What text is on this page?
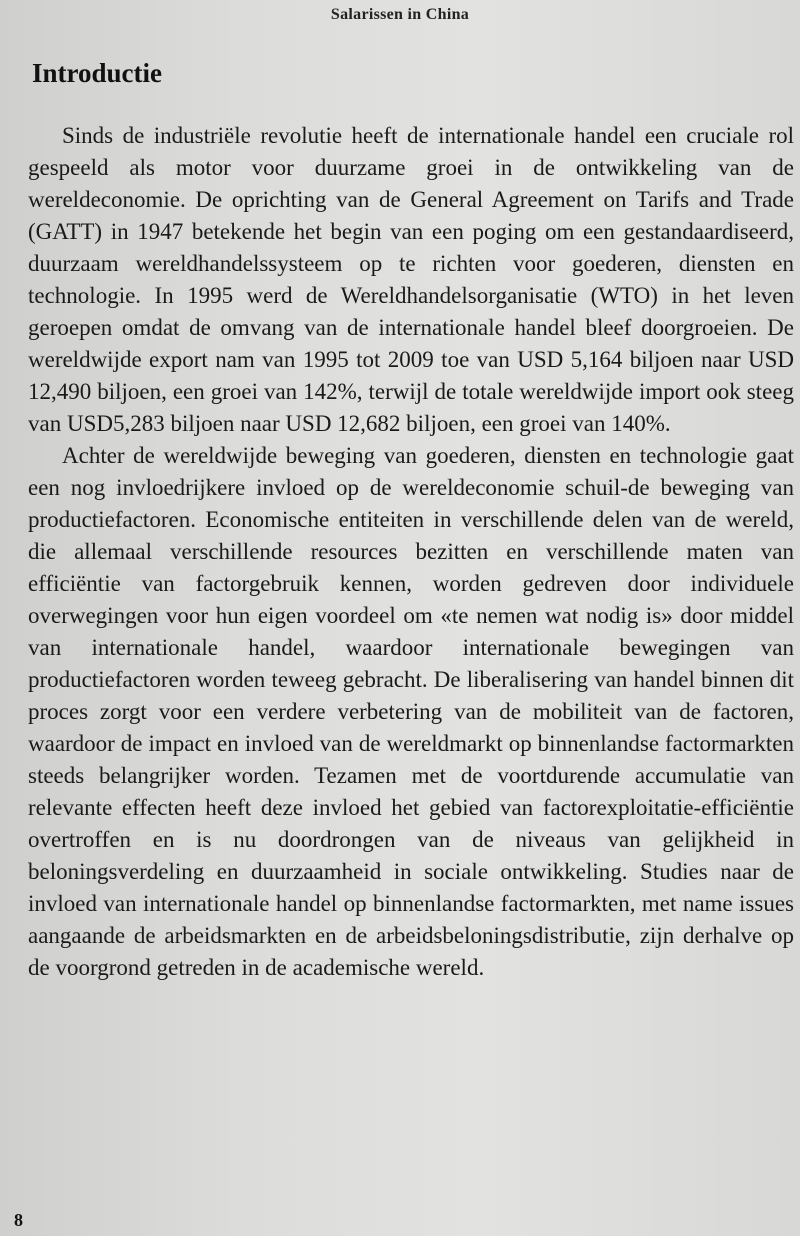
Salarissen in China
Introductie

Sinds de industriële revolutie heeft de internationale handel een cruciale rol gespeeld als motor voor duurzame groei in de ontwikkeling van de wereldeconomie. De oprichting van de General Agreement on Tarifs and Trade (GATT) in 1947 betekende het begin van een poging om een gestandaardiseerd, duurzaam wereldhandelssysteem op te richten voor goederen, diensten en technologie. In 1995 werd de Wereldhandelsorganisatie (WTO) in het leven geroepen omdat de omvang van de internationale handel bleef doorgroeien. De wereldwijde export nam van 1995 tot 2009 toe van USD 5,164 biljoen naar USD 12,490 biljoen, een groei van 142%, terwijl de totale wereldwijde import ook steeg van USD5,283 biljoen naar USD 12,682 biljoen, een groei van 140%.

Achter de wereldwijde beweging van goederen, diensten en technologie gaat een nog invloedrijkere invloed op de wereldeconomie schuil-de beweging van productiefactoren. Economische entiteiten in verschillende delen van de wereld, die allemaal verschillende resources bezitten en verschillende maten van efficiëntie van factorgebruik kennen, worden gedreven door individuele overwegingen voor hun eigen voordeel om «te nemen wat nodig is» door middel van internationale handel, waardoor internationale bewegingen van productiefactoren worden teweeg gebracht. De liberalisering van handel binnen dit proces zorgt voor een verdere verbetering van de mobiliteit van de factoren, waardoor de impact en invloed van de wereldmarkt op binnenlandse factormarkten steeds belangrijker worden. Tezamen met de voortdurende accumulatie van relevante effecten heeft deze invloed het gebied van factorexploitatie-efficiëntie overtroffen en is nu doordrongen van de niveaus van gelijkheid in beloningsverdeling en duurzaamheid in sociale ontwikkeling. Studies naar de invloed van internationale handel op binnenlandse factormarkten, met name issues aangaande de arbeidsmarkten en de arbeidsbeloningsdistributie, zijn derhalve op de voorgrond getreden in de academische wereld.

8
